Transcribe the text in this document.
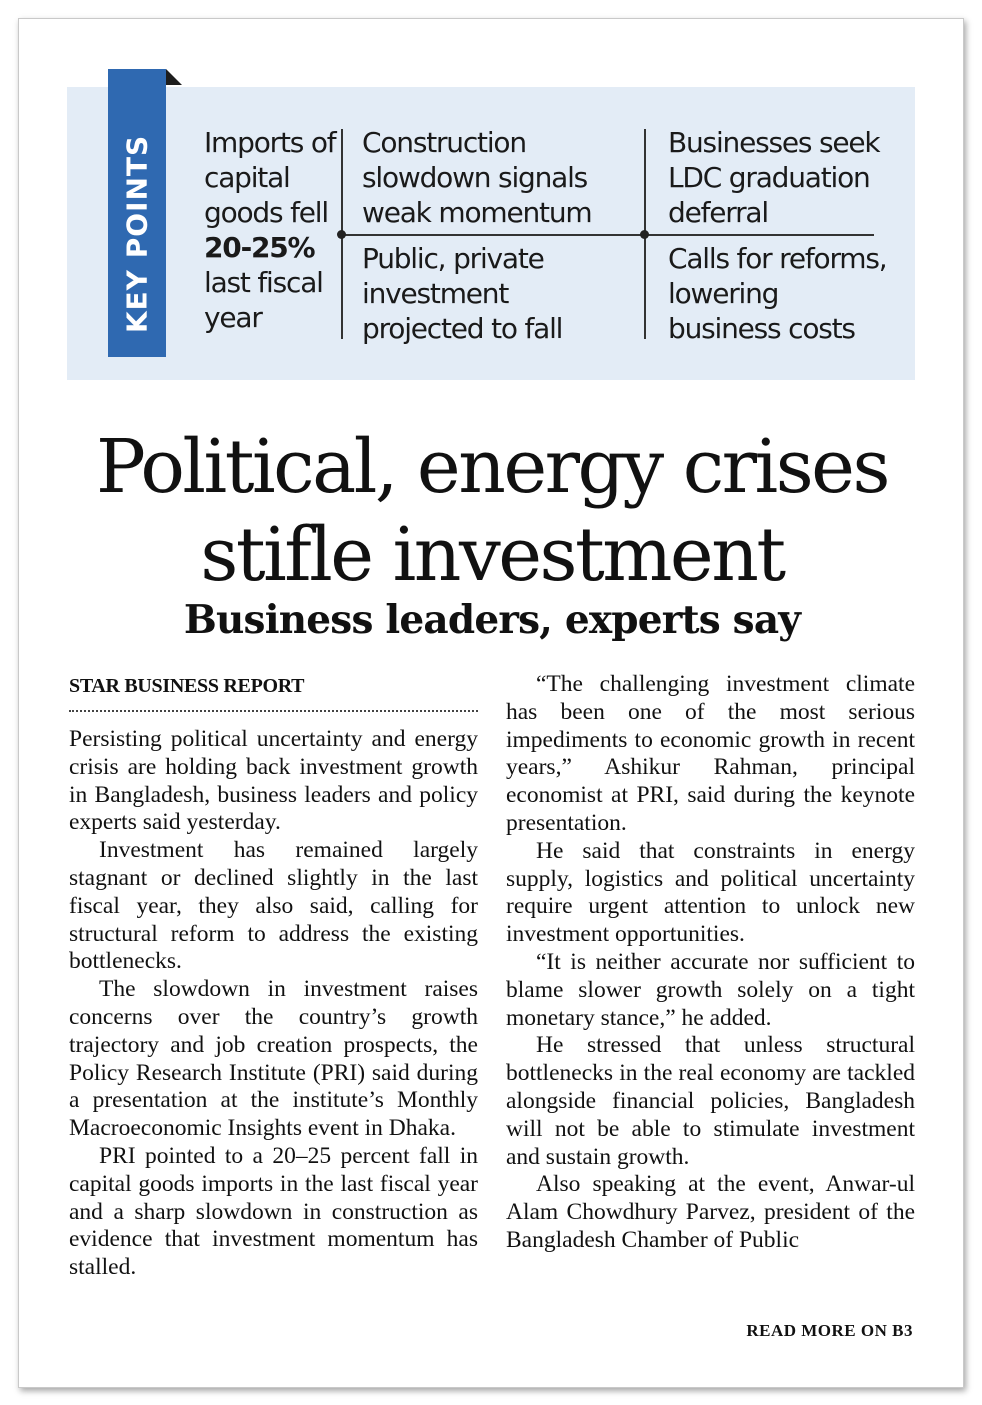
KEY POINTS Imports of capital goods fell 20-25% last fiscal year
Construction slowdown signals weak momentum
Businesses seek LDC graduation deferral
Public, private investment projected to fall
Calls for reforms, lowering business costs
Political, energy crises
stifle investment
Business leaders, experts say
STAR BUSINESS REPORT

Persisting political uncertainty and energy crisis are holding back investment growth in Bangladesh, business leaders and policy experts said yesterday.

Investment has remained largely stagnant or declined slightly in the last fiscal year, they also said, calling for structural reform to address the existing bottlenecks.

The slowdown in investment raises concerns over the country’s growth trajectory and job creation prospects, the Policy Research Institute (PRI) said during a presentation at the institute’s Monthly Macroeconomic Insights event in Dhaka.

PRI pointed to a 20–25 percent fall in capital goods imports in the last fiscal year and a sharp slowdown in construction as evidence that investment momentum has stalled.

“The challenging investment climate has been one of the most serious impediments to economic growth in recent years,” Ashikur Rahman, principal economist at PRI, said during the keynote presentation.

He said that constraints in energy supply, logistics and political uncertainty require urgent attention to unlock new investment opportunities.

“It is neither accurate nor sufficient to blame slower growth solely on a tight monetary stance,” he added.

He stressed that unless structural bottlenecks in the real economy are tackled alongside financial policies, Bangladesh will not be able to stimulate investment and sustain growth.

Also speaking at the event, Anwar-ul Alam Chowdhury Parvez, president of the Bangladesh Chamber of Public

READ MORE ON B3
